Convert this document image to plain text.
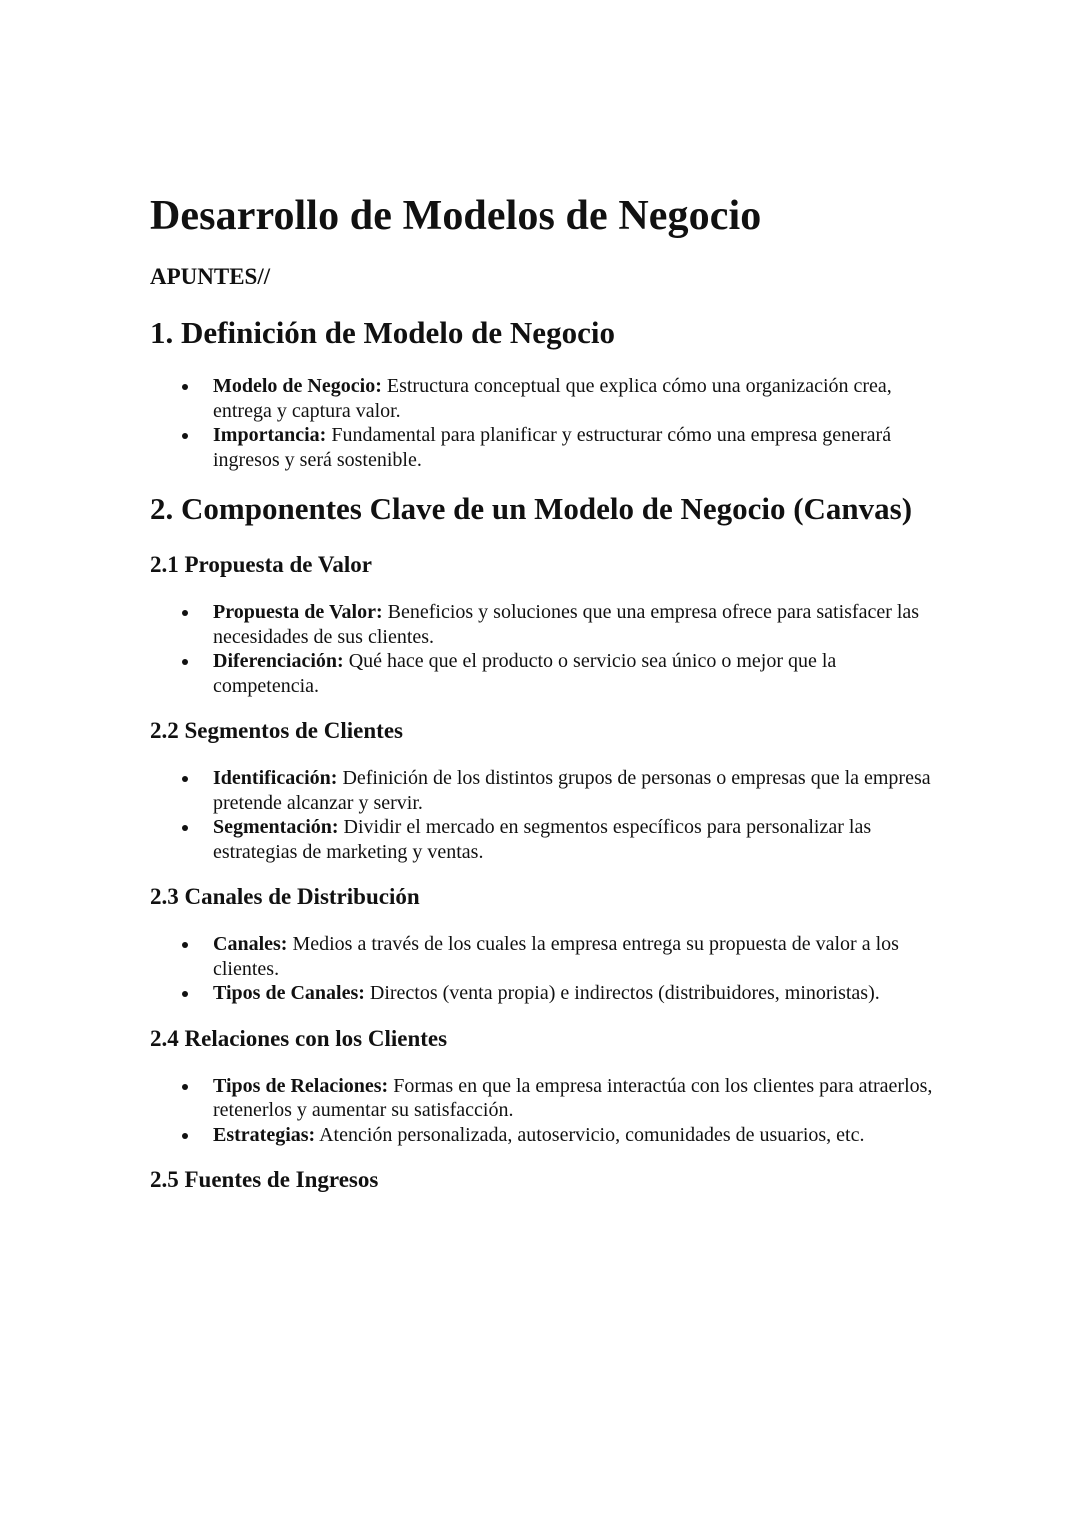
Desarrollo de Modelos de Negocio
APUNTES//
1. Definición de Modelo de Negocio
Modelo de Negocio: Estructura conceptual que explica cómo una organización crea, entrega y captura valor.
Importancia: Fundamental para planificar y estructurar cómo una empresa generará ingresos y será sostenible.
2. Componentes Clave de un Modelo de Negocio (Canvas)
2.1 Propuesta de Valor
Propuesta de Valor: Beneficios y soluciones que una empresa ofrece para satisfacer las necesidades de sus clientes.
Diferenciación: Qué hace que el producto o servicio sea único o mejor que la competencia.
2.2 Segmentos de Clientes
Identificación: Definición de los distintos grupos de personas o empresas que la empresa pretende alcanzar y servir.
Segmentación: Dividir el mercado en segmentos específicos para personalizar las estrategias de marketing y ventas.
2.3 Canales de Distribución
Canales: Medios a través de los cuales la empresa entrega su propuesta de valor a los clientes.
Tipos de Canales: Directos (venta propia) e indirectos (distribuidores, minoristas).
2.4 Relaciones con los Clientes
Tipos de Relaciones: Formas en que la empresa interactúa con los clientes para atraerlos, retenerlos y aumentar su satisfacción.
Estrategias: Atención personalizada, autoservicio, comunidades de usuarios, etc.
2.5 Fuentes de Ingresos
